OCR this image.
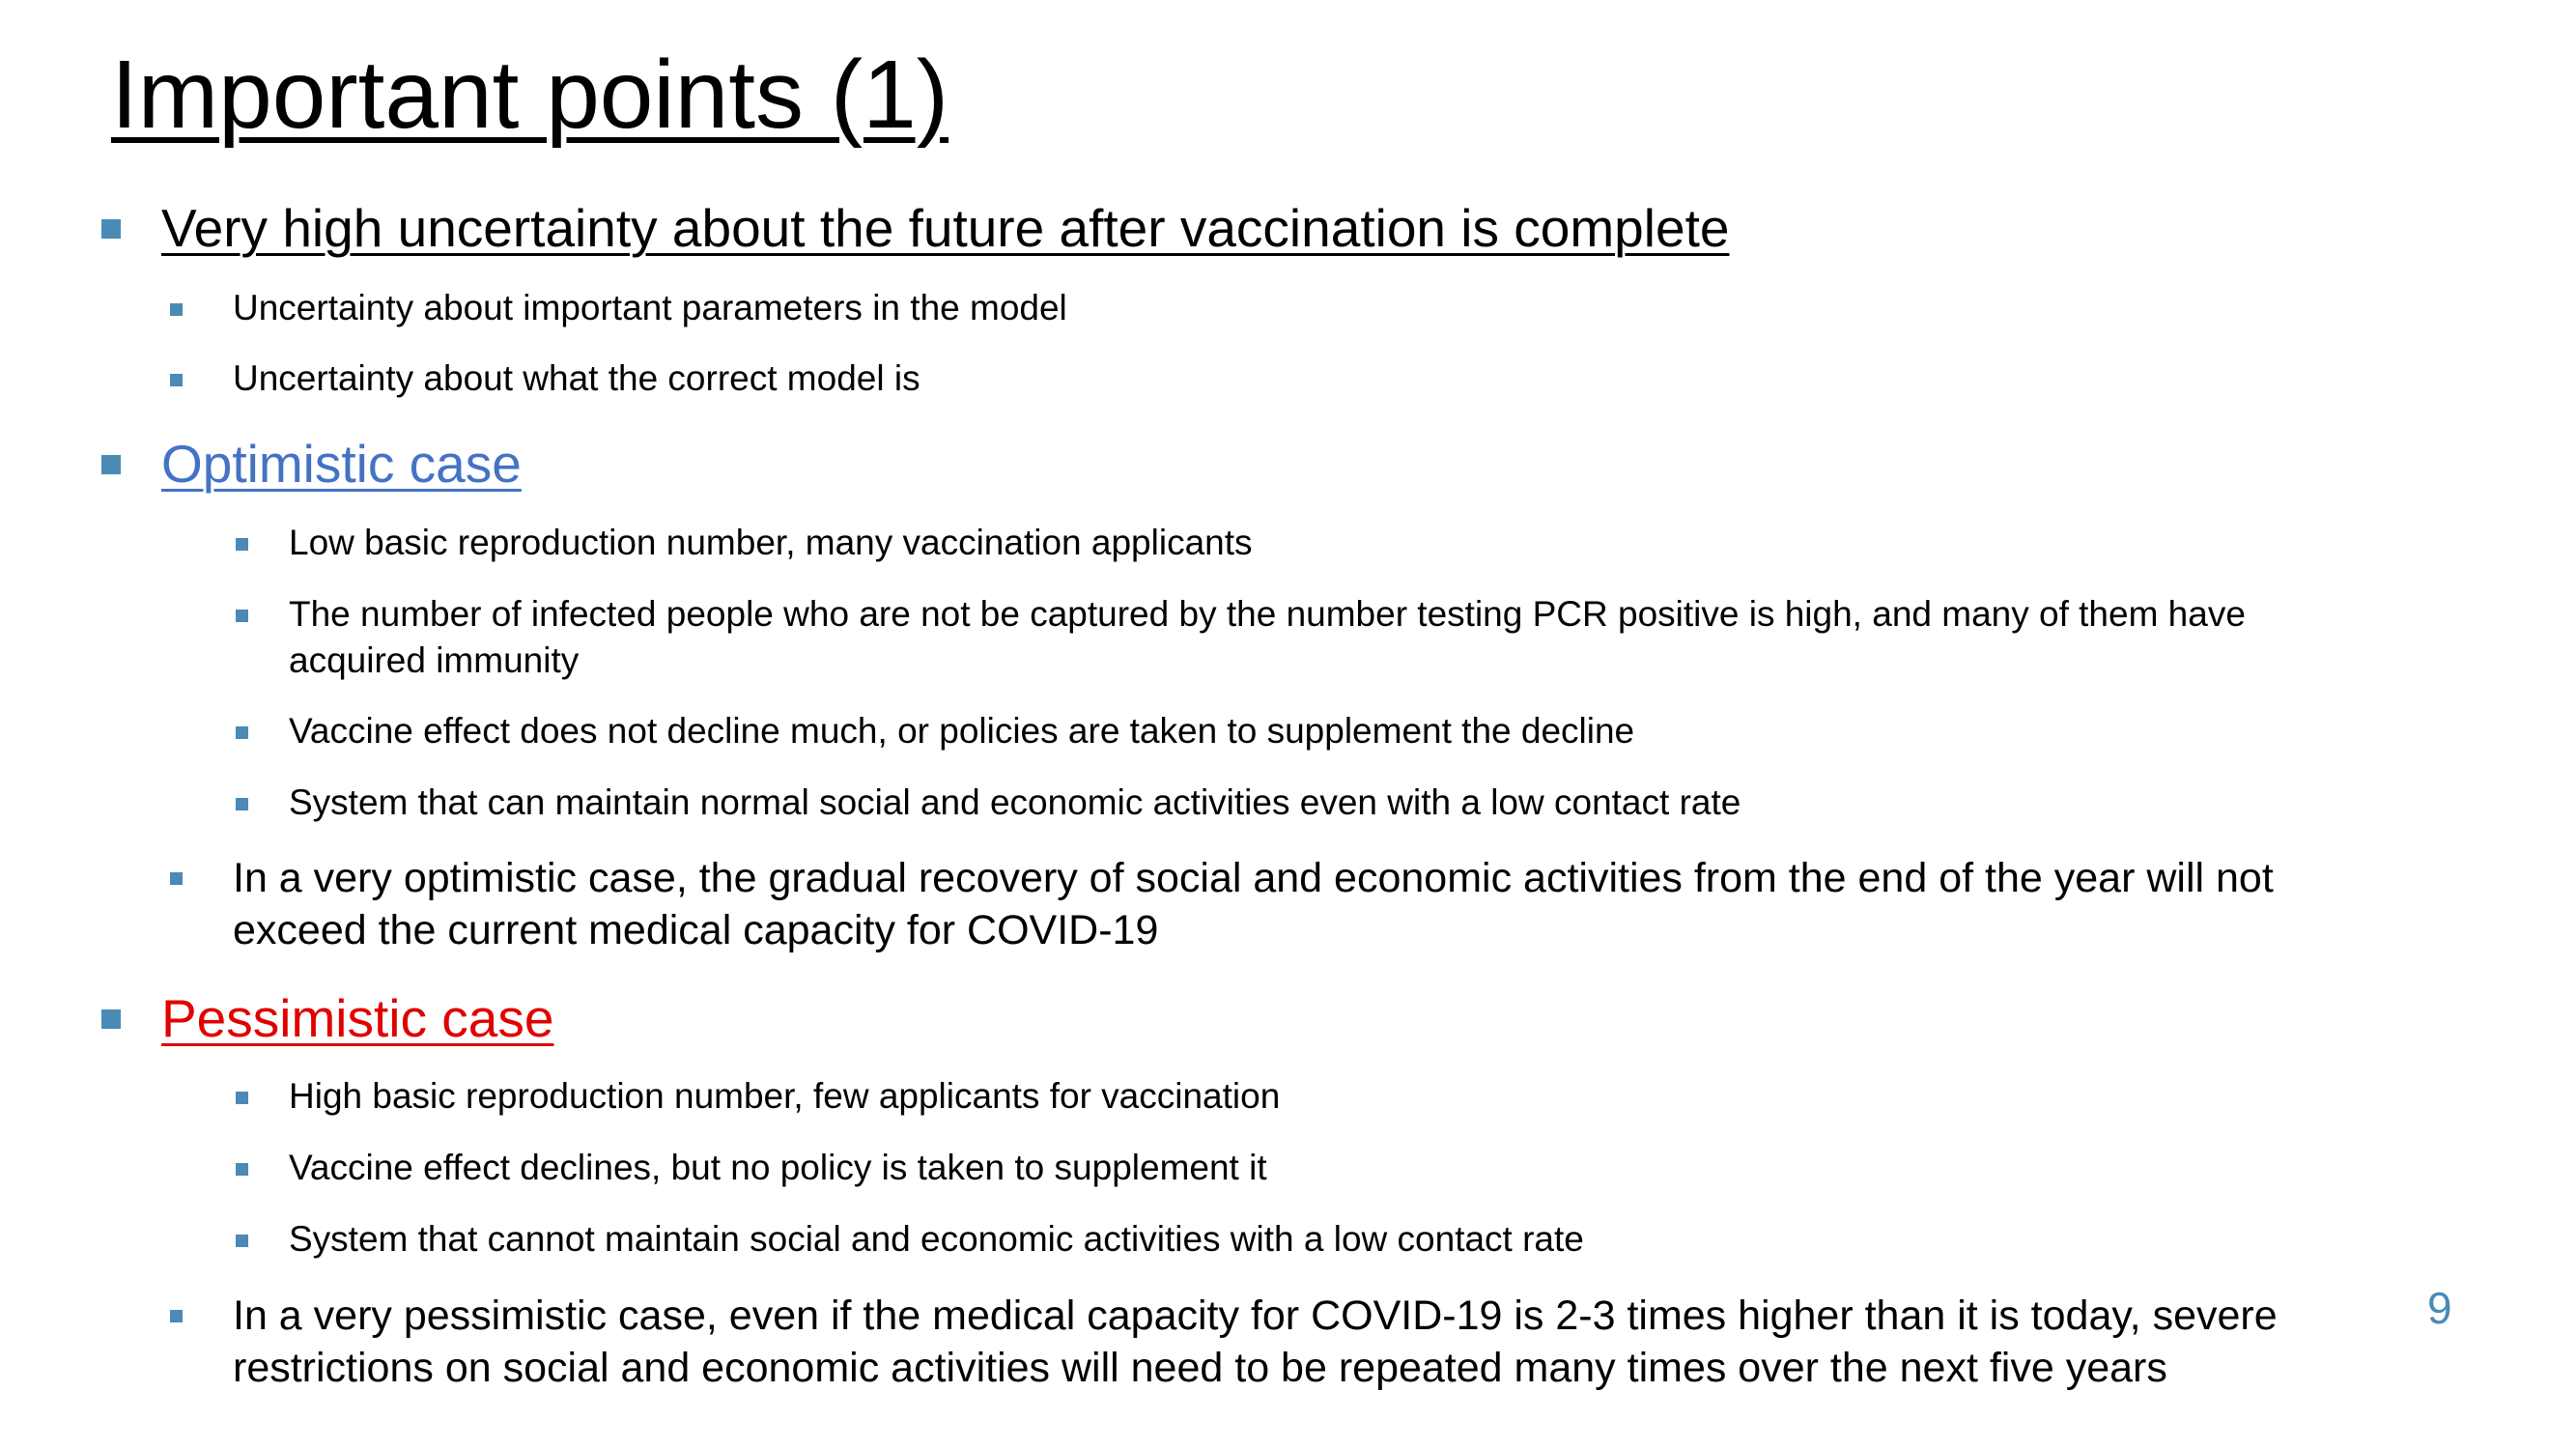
Important points (1)
Very high uncertainty about the future after vaccination is complete
Uncertainty about important parameters in the model
Uncertainty about what the correct model is
Optimistic case
Low basic reproduction number, many vaccination applicants
The number of infected people who are not be captured by the number testing PCR positive is high, and many of them have
acquired immunity
Vaccine effect does not decline much, or policies are taken to supplement the decline
System that can maintain normal social and economic activities even with a low contact rate
In a very optimistic case, the gradual recovery of social and economic activities from the end of the year will not
exceed the current medical capacity for COVID-19
Pessimistic case
High basic reproduction number, few applicants for vaccination
Vaccine effect declines, but no policy is taken to supplement it
System that cannot maintain social and economic activities with a low contact rate
In a very pessimistic case, even if the medical capacity for COVID-19 is 2-3 times higher than it is today, severe
restrictions on social and economic activities will need to be repeated many times over the next five years
9
